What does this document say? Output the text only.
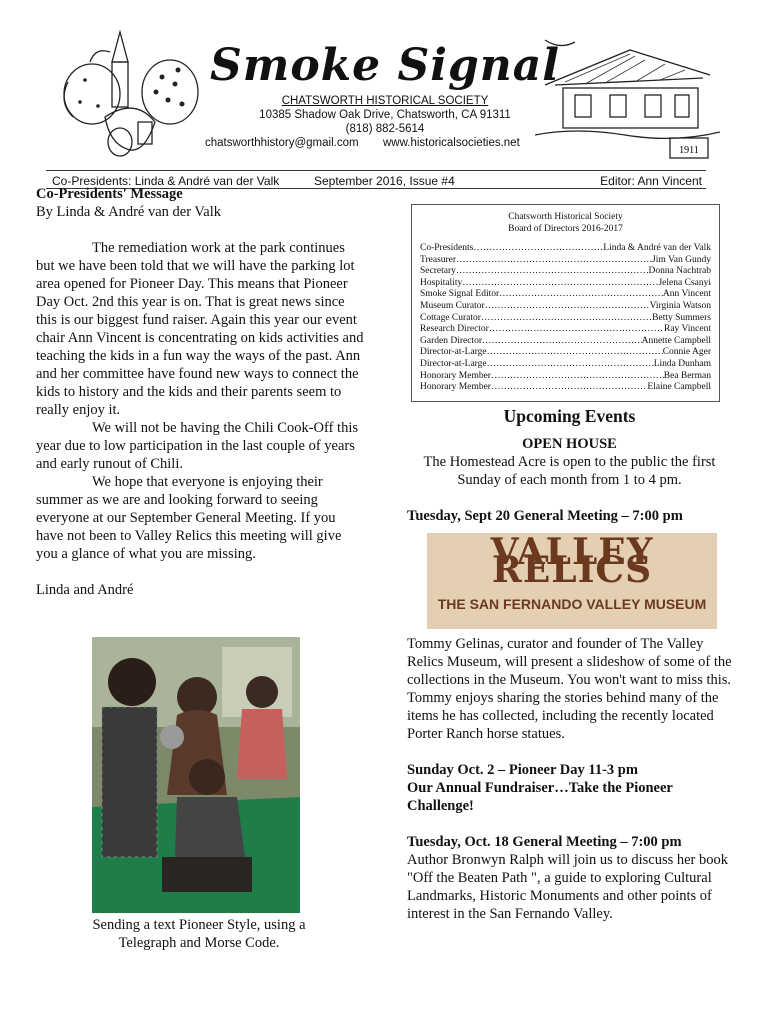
1911
Smoke Signal
CHATSWORTH HISTORICAL SOCIETY
10385 Shadow Oak Drive, Chatsworth, CA 91311
(818) 882-5614
chatsworthhistory@gmail.com www.historicalsocieties.net
Co-Presidents: Linda & André van der Valk	September 2016, Issue #4	Editor: Ann Vincent

Co-Presidents' Message

By Linda & André van der Valk

The remediation work at the park continues but we have been told that we will have the parking lot area opened for Pioneer Day. This means that Pioneer Day Oct. 2nd this year is on. That is great news since this is our biggest fund raiser. Again this year our event chair Ann Vincent is concentrating on kids activities and teaching the kids in a fun way the ways of the past. Ann and her committee have found new ways to connect the kids to history and the kids and their parents seem to really enjoy it.

We will not be having the Chili Cook-Off this year due to low participation in the last couple of years and early runout of Chili.

We hope that everyone is enjoying their summer as we are and looking forward to seeing everyone at our September General Meeting. If you have not been to Valley Relics this meeting will give you a glance of what you are missing.

Linda and André

Sending a text Pioneer Style, using a Telegraph and Morse Code.
Chatsworth Historical Society
Board of Directors 2016-2017
Co-Presidents …………………………………………………………………………………………	Linda & André van der Valk
Treasurer …………………………………………………………………………………………	Jim Van Gundy
Secretary …………………………………………………………………………………………	Donna Nachtrab
Hospitality …………………………………………………………………………………………	Jelena Csanyi
Smoke Signal Editor …………………………………………………………………………………………	Ann Vincent
Museum Curator …………………………………………………………………………………………	Virginia Watson
Cottage Curator …………………………………………………………………………………………	Betty Summers
Research Director …………………………………………………………………………………………	Ray Vincent
Garden Director …………………………………………………………………………………………	Annette Campbell
Director-at-Large …………………………………………………………………………………………	Connie Ager
Director-at-Large …………………………………………………………………………………………	Linda Dunham
Honorary Member …………………………………………………………………………………………	Bea Berman
Honorary Member …………………………………………………………………………………………	Elaine Campbell

Upcoming Events

OPEN HOUSE

The Homestead Acre is open to the public the first Sunday of each month from 1 to 4 pm.

Tuesday, Sept 20 General Meeting – 7:00 pm

VALLEY RELICS
THE SAN FERNANDO VALLEY MUSEUM

Tommy Gelinas, curator and founder of The Valley Relics Museum, will present a slideshow of some of the collections in the Museum. You won't want to miss this. Tommy enjoys sharing the stories behind many of the items he has collected, including the recently located Porter Ranch horse statues.

Sunday Oct. 2 – Pioneer Day 11-3 pm

Our Annual Fundraiser…Take the Pioneer Challenge!

Tuesday, Oct. 18 General Meeting – 7:00 pm

Author Bronwyn Ralph will join us to discuss her book "Off the Beaten Path ", a guide to exploring Cultural Landmarks, Historic Monuments and other points of interest in the San Fernando Valley.
